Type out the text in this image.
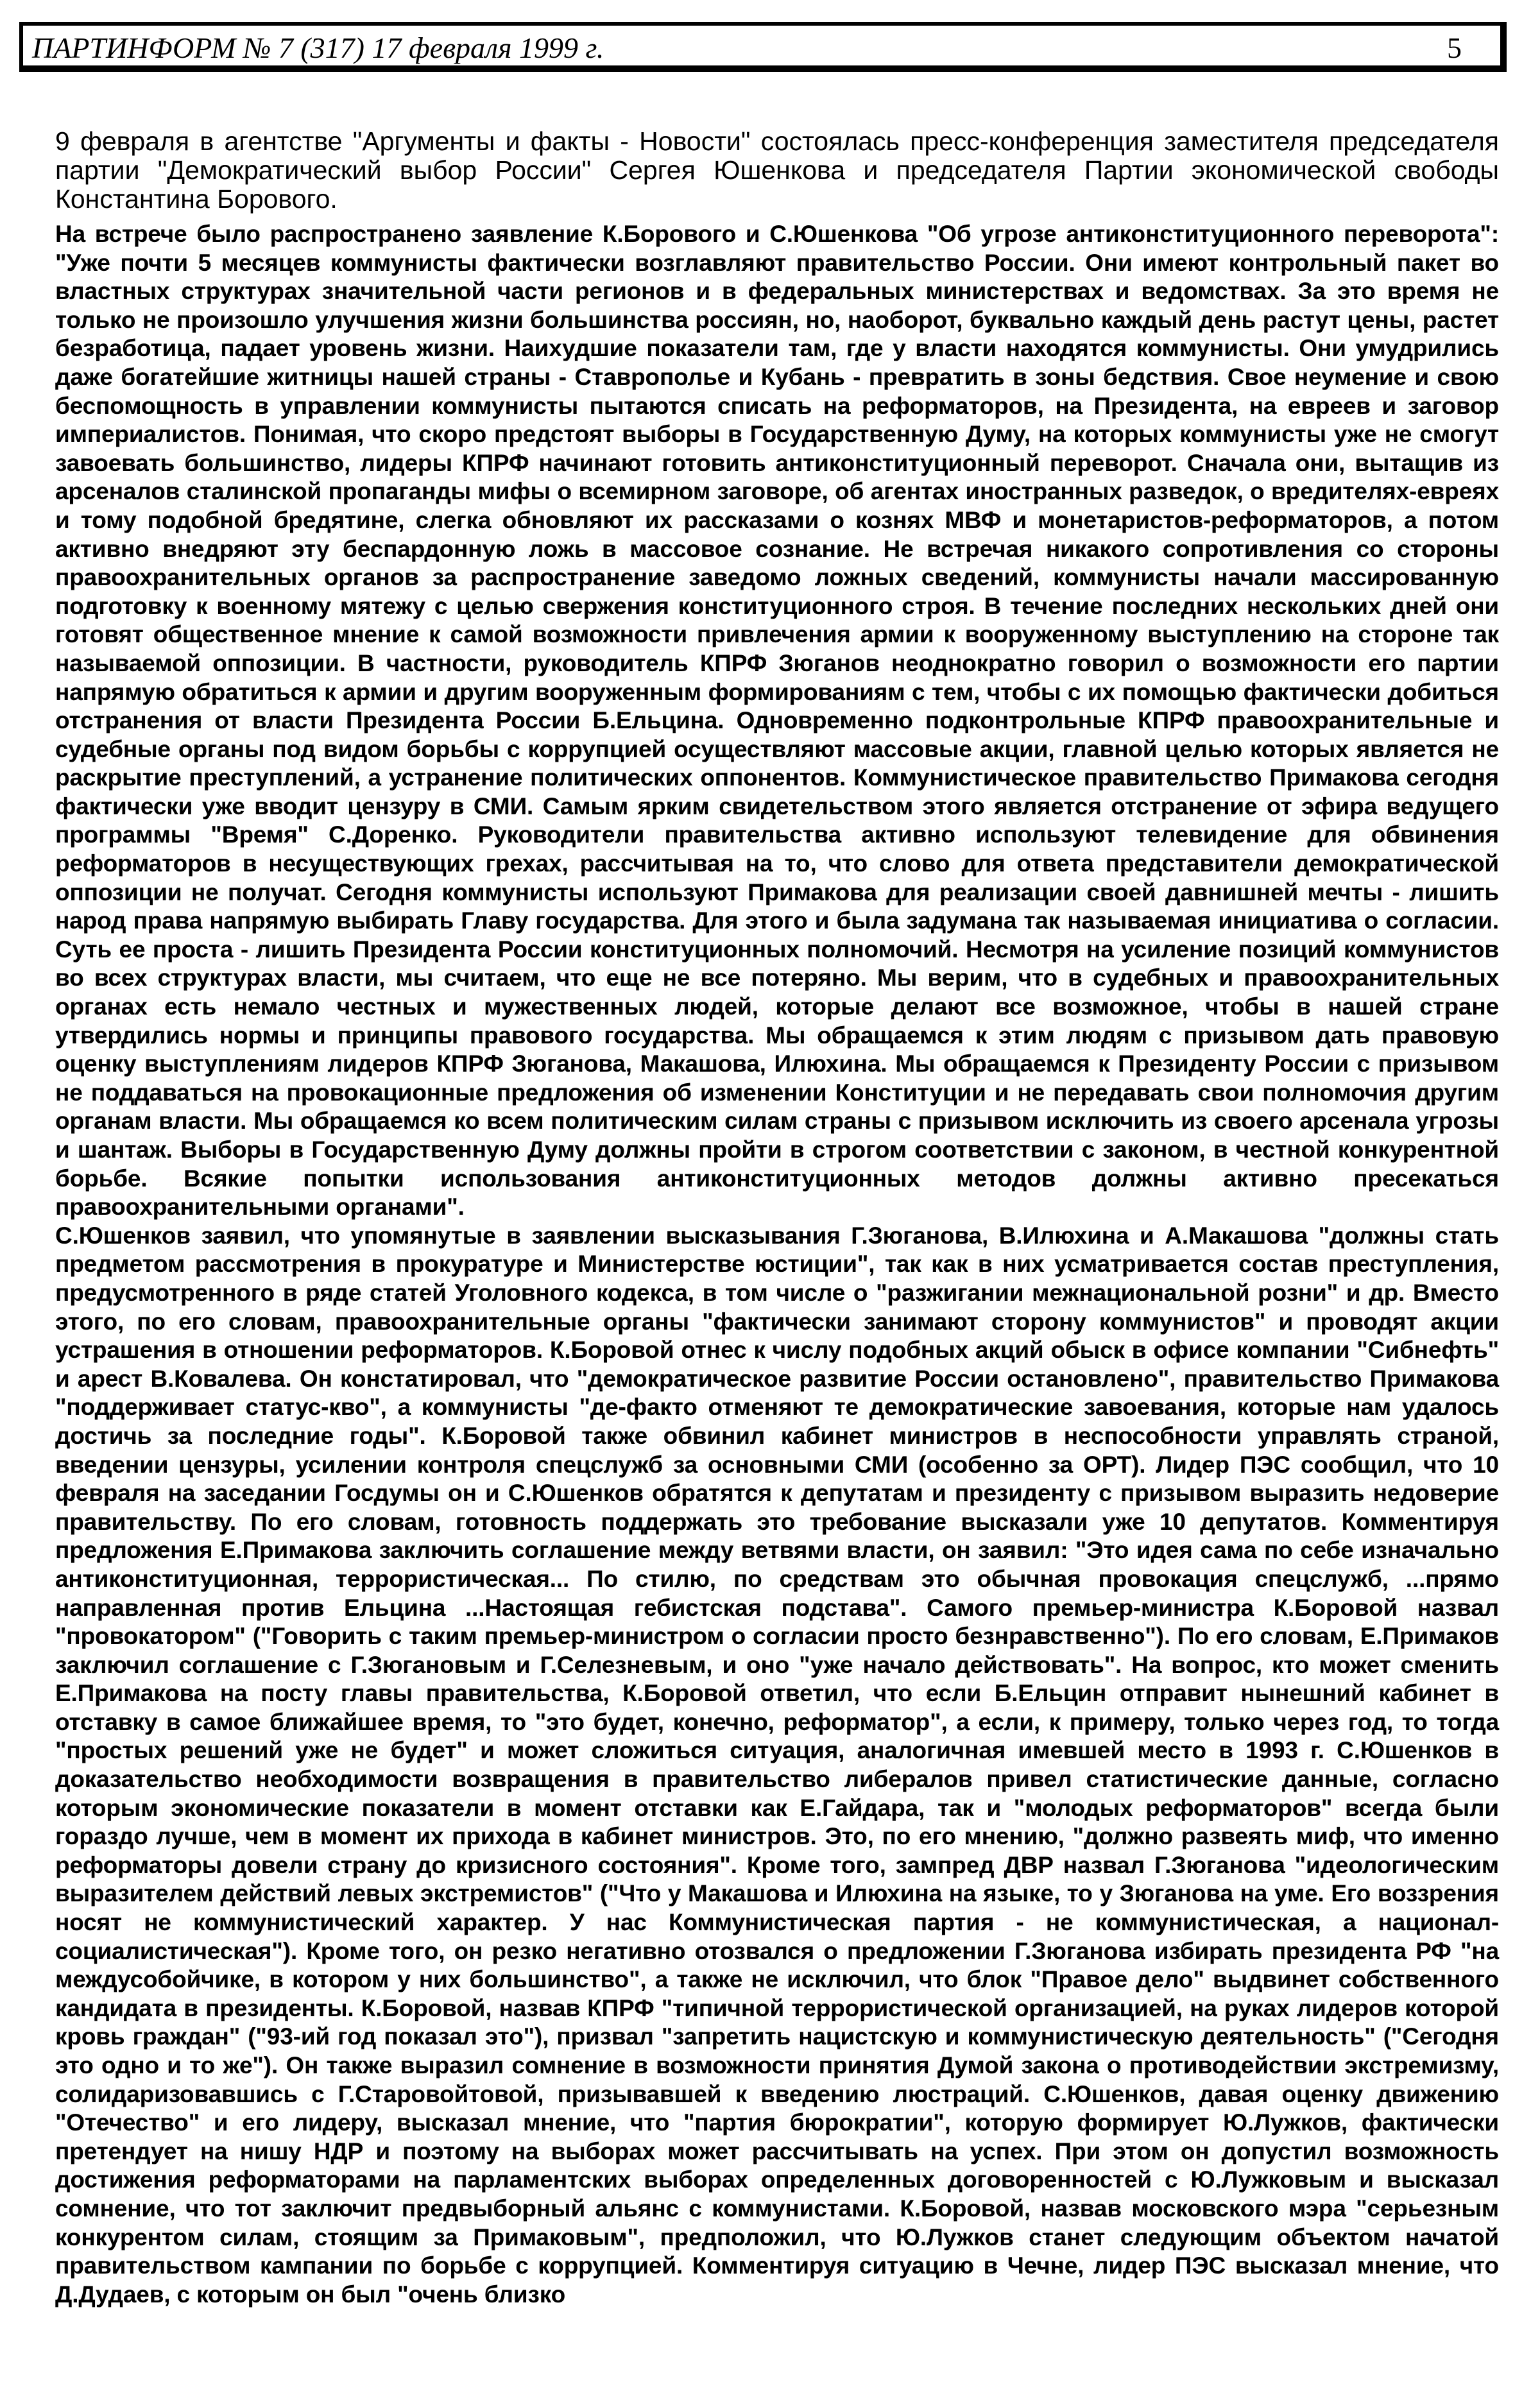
ПАРТИНФОРМ № 7 (317) 17 февраля 1999 г.	5

9 февраля в агентстве "Аргументы и факты - Новости" состоялась пресс-конференция заместителя председателя партии "Демократический выбор России" Сергея Юшенкова и председателя Партии экономической свободы Константина Борового.

На встрече было распространено заявление К.Борового и С.Юшенкова "Об угрозе антиконституционного переворота": "Уже почти 5 месяцев коммунисты фактически возглавляют правительство России. Они имеют контрольный пакет во властных структурах значительной части регионов и в федеральных министерствах и ведомствах. За это время не только не произошло улучшения жизни большинства россиян, но, наоборот, буквально каждый день растут цены, растет безработица, падает уровень жизни. Наихудшие показатели там, где у власти находятся коммунисты. Они умудрились даже богатейшие житницы нашей страны - Ставрополье и Кубань - превратить в зоны бедствия. Свое неумение и свою беспомощность в управлении коммунисты пытаются списать на реформаторов, на Президента, на евреев и заговор империалистов. Понимая, что скоро предстоят выборы в Государственную Думу, на которых коммунисты уже не смогут завоевать большинство, лидеры КПРФ начинают готовить антиконституционный переворот. Сначала они, вытащив из арсеналов сталинской пропаганды мифы о всемирном заговоре, об агентах иностранных разведок, о вредителях-евреях и тому подобной бредятине, слегка обновляют их рассказами о кознях МВФ и монетаристов-реформаторов, а потом активно внедряют эту беспардонную ложь в массовое сознание. Не встречая никакого сопротивления со стороны правоохранительных органов за распространение заведомо ложных сведений, коммунисты начали массированную подготовку к военному мятежу с целью свержения конституционного строя. В течение последних нескольких дней они готовят общественное мнение к самой возможности привлечения армии к вооруженному выступлению на стороне так называемой оппозиции. В частности, руководитель КПРФ Зюганов неоднократно говорил о возможности его партии напрямую обратиться к армии и другим вооруженным формированиям с тем, чтобы с их помощью фактически добиться отстранения от власти Президента России Б.Ельцина. Одновременно подконтрольные КПРФ правоохранительные и судебные органы под видом борьбы с коррупцией осуществляют массовые акции, главной целью которых является не раскрытие преступлений, а устранение политических оппонентов. Коммунистическое правительство Примакова сегодня фактически уже вводит цензуру в СМИ. Самым ярким свидетельством этого является отстранение от эфира ведущего программы "Время" С.Доренко. Руководители правительства активно используют телевидение для обвинения реформаторов в несуществующих грехах, рассчитывая на то, что слово для ответа представители демократической оппозиции не получат. Сегодня коммунисты используют Примакова для реализации своей давнишней мечты - лишить народ права напрямую выбирать Главу государства. Для этого и была задумана так называемая инициатива о согласии. Суть ее проста - лишить Президента России конституционных полномочий. Несмотря на усиление позиций коммунистов во всех структурах власти, мы считаем, что еще не все потеряно. Мы верим, что в судебных и правоохранительных органах есть немало честных и мужественных людей, которые делают все возможное, чтобы в нашей стране утвердились нормы и принципы правового государства. Мы обращаемся к этим людям с призывом дать правовую оценку выступлениям лидеров КПРФ Зюганова, Макашова, Илюхина. Мы обращаемся к Президенту России с призывом не поддаваться на провокационные предложения об изменении Конституции и не передавать свои полномочия другим органам власти. Мы обращаемся ко всем политическим силам страны с призывом исключить из своего арсенала угрозы и шантаж. Выборы в Государственную Думу должны пройти в строгом соответствии с законом, в честной конкурентной борьбе. Всякие попытки использования антиконституционных методов должны активно пресекаться правоохранительными органами".

С.Юшенков заявил, что упомянутые в заявлении высказывания Г.Зюганова, В.Илюхина и А.Макашова "должны стать предметом рассмотрения в прокуратуре и Министерстве юстиции", так как в них усматривается состав преступления, предусмотренного в ряде статей Уголовного кодекса, в том числе о "разжигании межнациональной розни" и др. Вместо этого, по его словам, правоохранительные органы "фактически занимают сторону коммунистов" и проводят акции устрашения в отношении реформаторов. К.Боровой отнес к числу подобных акций обыск в офисе компании "Сибнефть" и арест В.Ковалева. Он констатировал, что "демократическое развитие России остановлено", правительство Примакова "поддерживает статус-кво", а коммунисты "де-факто отменяют те демократические завоевания, которые нам удалось достичь за последние годы". К.Боровой также обвинил кабинет министров в неспособности управлять страной, введении цензуры, усилении контроля спецслужб за основными СМИ (особенно за ОРТ). Лидер ПЭС сообщил, что 10 февраля на заседании Госдумы он и С.Юшенков обратятся к депутатам и президенту с призывом выразить недоверие правительству. По его словам, готовность поддержать это требование высказали уже 10 депутатов. Комментируя предложения Е.Примакова заключить соглашение между ветвями власти, он заявил: "Это идея сама по себе изначально антиконституционная, террористическая... По стилю, по средствам это обычная провокация спецслужб, ...прямо направленная против Ельцина ...Настоящая гебистская подстава". Самого премьер-министра К.Боровой назвал "провокатором" ("Говорить с таким премьер-министром о согласии просто безнравственно"). По его словам, Е.Примаков заключил соглашение с Г.Зюгановым и Г.Селезневым, и оно "уже начало действовать". На вопрос, кто может сменить Е.Примакова на посту главы правительства, К.Боровой ответил, что если Б.Ельцин отправит нынешний кабинет в отставку в самое ближайшее время, то "это будет, конечно, реформатор", а если, к примеру, только через год, то тогда "простых решений уже не будет" и может сложиться ситуация, аналогичная имевшей место в 1993 г. С.Юшенков в доказательство необходимости возвращения в правительство либералов привел статистические данные, согласно которым экономические показатели в момент отставки как Е.Гайдара, так и "молодых реформаторов" всегда были гораздо лучше, чем в момент их прихода в кабинет министров. Это, по его мнению, "должно развеять миф, что именно реформаторы довели страну до кризисного состояния". Кроме того, зампред ДВР назвал Г.Зюганова "идеологическим выразителем действий левых экстремистов" ("Что у Макашова и Илюхина на языке, то у Зюганова на уме. Его воззрения носят не коммунистический характер. У нас Коммунистическая партия - не коммунистическая, а национал-социалистическая"). Кроме того, он резко негативно отозвался о предложении Г.Зюганова избирать президента РФ "на междусобойчике, в котором у них большинство", а также не исключил, что блок "Правое дело" выдвинет собственного кандидата в президенты. К.Боровой, назвав КПРФ "типичной террористической организацией, на руках лидеров которой кровь граждан" ("93-ий год показал это"), призвал "запретить нацистскую и коммунистическую деятельность" ("Сегодня это одно и то же"). Он также выразил сомнение в возможности принятия Думой закона о противодействии экстремизму, солидаризовавшись с Г.Старовойтовой, призывавшей к введению люстраций. С.Юшенков, давая оценку движению "Отечество" и его лидеру, высказал мнение, что "партия бюрократии", которую формирует Ю.Лужков, фактически претендует на нишу НДР и поэтому на выборах может рассчитывать на успех. При этом он допустил возможность достижения реформаторами на парламентских выборах определенных договоренностей с Ю.Лужковым и высказал сомнение, что тот заключит предвыборный альянс с коммунистами. К.Боровой, назвав московского мэра "серьезным конкурентом силам, стоящим за Примаковым", предположил, что Ю.Лужков станет следующим объектом начатой правительством кампании по борьбе с коррупцией. Комментируя ситуацию в Чечне, лидер ПЭС высказал мнение, что Д.Дудаев, с которым он был "очень близко
